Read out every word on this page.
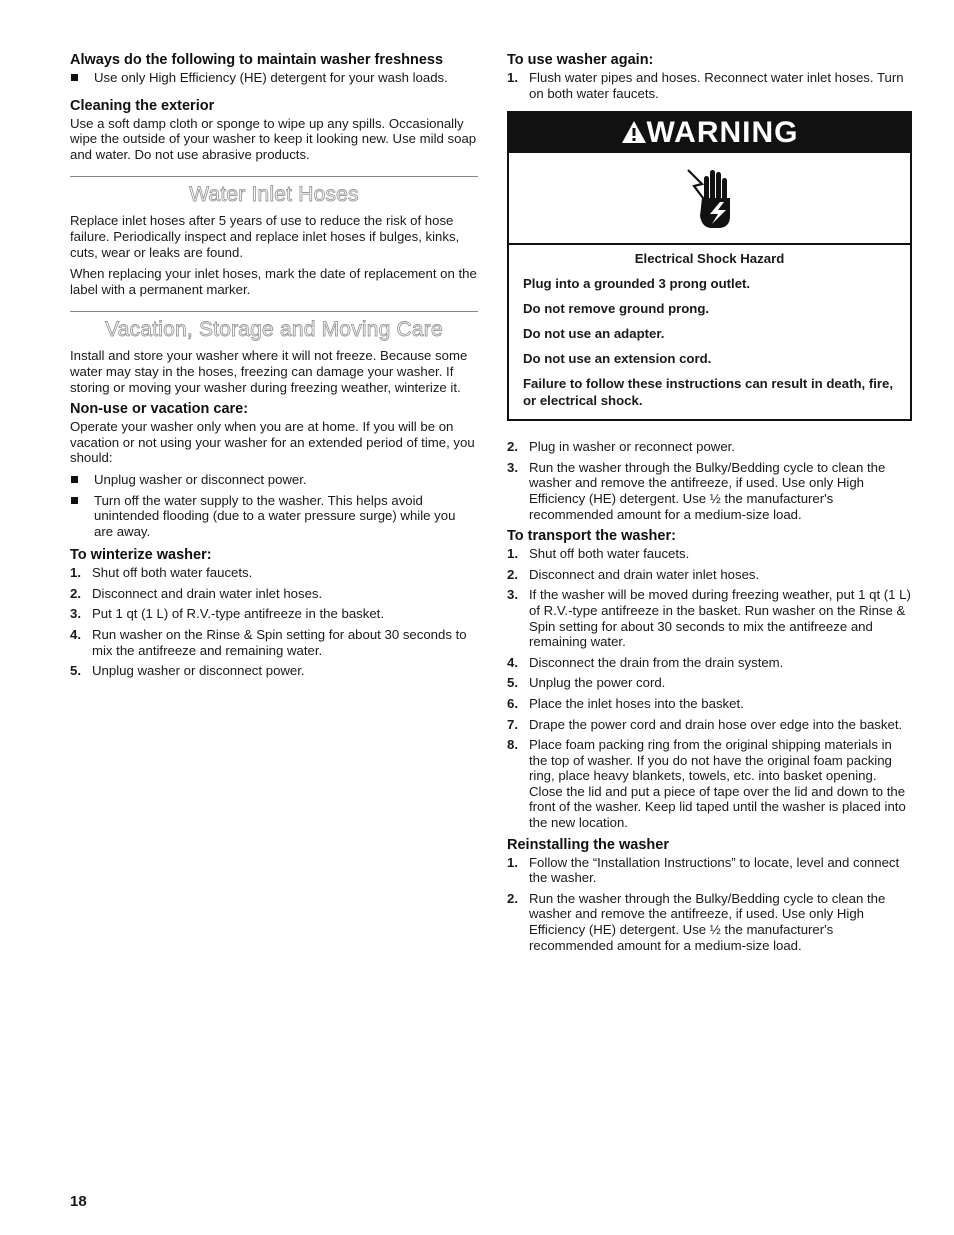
Always do the following to maintain washer freshness
Use only High Efficiency (HE) detergent for your wash loads.
Cleaning the exterior

Use a soft damp cloth or sponge to wipe up any spills. Occasionally wipe the outside of your washer to keep it looking new. Use mild soap and water. Do not use abrasive products.

Water Inlet Hoses

Replace inlet hoses after 5 years of use to reduce the risk of hose failure. Periodically inspect and replace inlet hoses if bulges, kinks, cuts, wear or leaks are found.

When replacing your inlet hoses, mark the date of replacement on the label with a permanent marker.

Vacation, Storage and Moving Care

Install and store your washer where it will not freeze. Because some water may stay in the hoses, freezing can damage your washer. If storing or moving your washer during freezing weather, winterize it.

Non-use or vacation care:

Operate your washer only when you are at home. If you will be on vacation or not using your washer for an extended period of time, you should:

Unplug washer or disconnect power.
Turn off the water supply to the washer. This helps avoid unintended flooding (due to a water pressure surge) while you are away.
To winterize washer:
1. Shut off both water faucets.
2. Disconnect and drain water inlet hoses.
3. Put 1 qt (1 L) of R.V.-type antifreeze in the basket.
4. Run washer on the Rinse & Spin setting for about 30 seconds to mix the antifreeze and remaining water.
5. Unplug washer or disconnect power.
To use washer again:
1. Flush water pipes and hoses. Reconnect water inlet hoses. Turn on both water faucets.
WARNING

Electrical Shock Hazard

Plug into a grounded 3 prong outlet.

Do not remove ground prong.

Do not use an adapter.

Do not use an extension cord.

Failure to follow these instructions can result in death, fire, or electrical shock.

2. Plug in washer or reconnect power.
3. Run the washer through the Bulky/Bedding cycle to clean the washer and remove the antifreeze, if used. Use only High Efficiency (HE) detergent. Use ½ the manufacturer's recommended amount for a medium-size load.
To transport the washer:
1. Shut off both water faucets.
2. Disconnect and drain water inlet hoses.
3. If the washer will be moved during freezing weather, put 1 qt (1 L) of R.V.-type antifreeze in the basket. Run washer on the Rinse & Spin setting for about 30 seconds to mix the antifreeze and remaining water.
4. Disconnect the drain from the drain system.
5. Unplug the power cord.
6. Place the inlet hoses into the basket.
7. Drape the power cord and drain hose over edge into the basket.
8. Place foam packing ring from the original shipping materials in the top of washer. If you do not have the original foam packing ring, place heavy blankets, towels, etc. into basket opening. Close the lid and put a piece of tape over the lid and down to the front of the washer. Keep lid taped until the washer is placed into the new location.
Reinstalling the washer
1. Follow the “Installation Instructions” to locate, level and connect the washer.
2. Run the washer through the Bulky/Bedding cycle to clean the washer and remove the antifreeze, if used. Use only High Efficiency (HE) detergent. Use ½ the manufacturer's recommended amount for a medium-size load.
18
